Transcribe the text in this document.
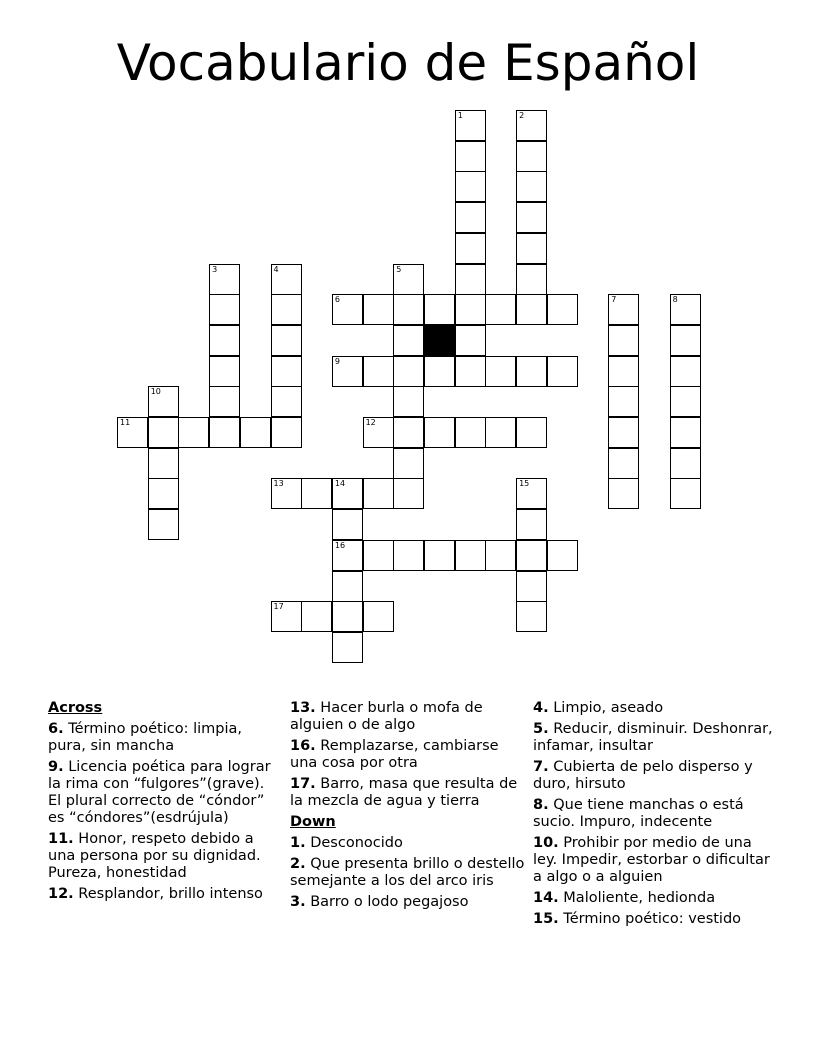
Vocabulario de Español
1	2
3	4	5
6	7	8
9
10
11	12
13	14
16
15
17
Across
6. Término poético: limpia, pura, sin mancha
9. Licencia poética para lograr la rima con “fulgores”(grave). El plural correcto de “cóndor” es “cóndores”(esdrújula)
11. Honor, respeto debido a una persona por su dignidad. Pureza, honestidad
12. Resplandor, brillo intenso
13. Hacer burla o mofa de alguien o de algo
16. Remplazarse, cambiarse una cosa por otra
17. Barro, masa que resulta de la mezcla de agua y tierra
Down
1. Desconocido
2. Que presenta brillo o destello semejante a los del arco iris
3. Barro o lodo pegajoso
4. Limpio, aseado
5. Reducir, disminuir. Deshonrar, infamar, insultar
7. Cubierta de pelo disperso y duro, hirsuto
8. Que tiene manchas o está sucio. Impuro, indecente
10. Prohibir por medio de una ley. Impedir, estorbar o dificultar a algo o a alguien
14. Maloliente, hedionda
15. Término poético: vestido
